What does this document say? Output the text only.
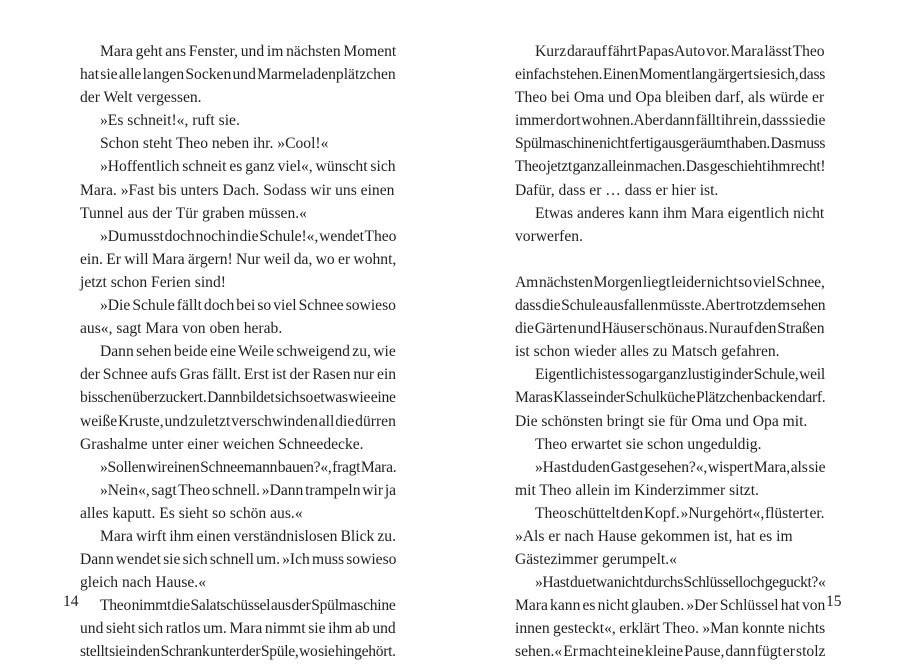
Mara geht ans Fenster, und im nächsten Moment
hat sie alle langen Socken und Marmeladenplätzchen
der Welt vergessen.
»Es schneit!«, ruft sie.
Schon steht Theo neben ihr. »Cool!«
»Hoffentlich schneit es ganz viel«, wünscht sich
Mara. »Fast bis unters Dach. Sodass wir uns einen
Tunnel aus der Tür graben müssen.«
»Du musst doch noch in die Schule!«, wendet Theo
ein. Er will Mara ärgern! Nur weil da, wo er wohnt,
jetzt schon Ferien sind!
»Die Schule fällt doch bei so viel Schnee sowieso
aus«, sagt Mara von oben herab.
Dann sehen beide eine Weile schweigend zu, wie
der Schnee aufs Gras fällt. Erst ist der Rasen nur ein
bisschen überzuckert. Dann bildet sich so etwas wie eine
weiße Kruste, und zuletzt verschwinden all die dürren
Grashalme unter einer weichen Schneedecke.
»Sollen wir einen Schneemann bauen?«, fragt Mara.
»Nein«, sagt Theo schnell. »Dann trampeln wir ja
alles kaputt. Es sieht so schön aus.«
Mara wirft ihm einen verständnislosen Blick zu.
Dann wendet sie sich schnell um. »Ich muss sowieso
gleich nach Hause.«
Theo nimmt die Salatschüssel aus der Spülmaschine
und sieht sich ratlos um. Mara nimmt sie ihm ab und
stellt sie in den Schrank unter der Spüle, wo sie hingehört.
14
Kurz darauf fährt Papas Auto vor. Mara lässt Theo
einfach stehen. Einen Moment lang ärgert sie sich, dass
Theo bei Oma und Opa bleiben darf, als würde er
immer dort wohnen. Aber dann fällt ihr ein, dass sie die
Spülmaschine nicht fertig ausgeräumt haben. Das muss
Theo jetzt ganz allein machen. Das geschieht ihm recht!
Dafür, dass er … dass er hier ist.
Etwas anderes kann ihm Mara eigentlich nicht
vorwerfen.
Am nächsten Morgen liegt leider nicht so viel Schnee,
dass die Schule ausfallen müsste. Aber trotzdem sehen
die Gärten und Häuser schön aus. Nur auf den Straßen
ist schon wieder alles zu Matsch gefahren.
Eigentlich ist es sogar ganz lustig in der Schule, weil
Maras Klasse in der Schulküche Plätzchen backen darf.
Die schönsten bringt sie für Oma und Opa mit.
Theo erwartet sie schon ungeduldig.
»Hast du den Gast gesehen?«, wispert Mara, als sie
mit Theo allein im Kinderzimmer sitzt.
Theo schüttelt den Kopf. »Nur gehört«, flüstert er.
»Als er nach Hause gekommen ist, hat es im
Gästezimmer gerumpelt.«
»Hast du etwa nicht durchs Schlüsselloch geguckt?«
Mara kann es nicht glauben. »Der Schlüssel hat von
innen gesteckt«, erklärt Theo. »Man konnte nichts
sehen.« Er macht eine kleine Pause, dann fügt er stolz
15
